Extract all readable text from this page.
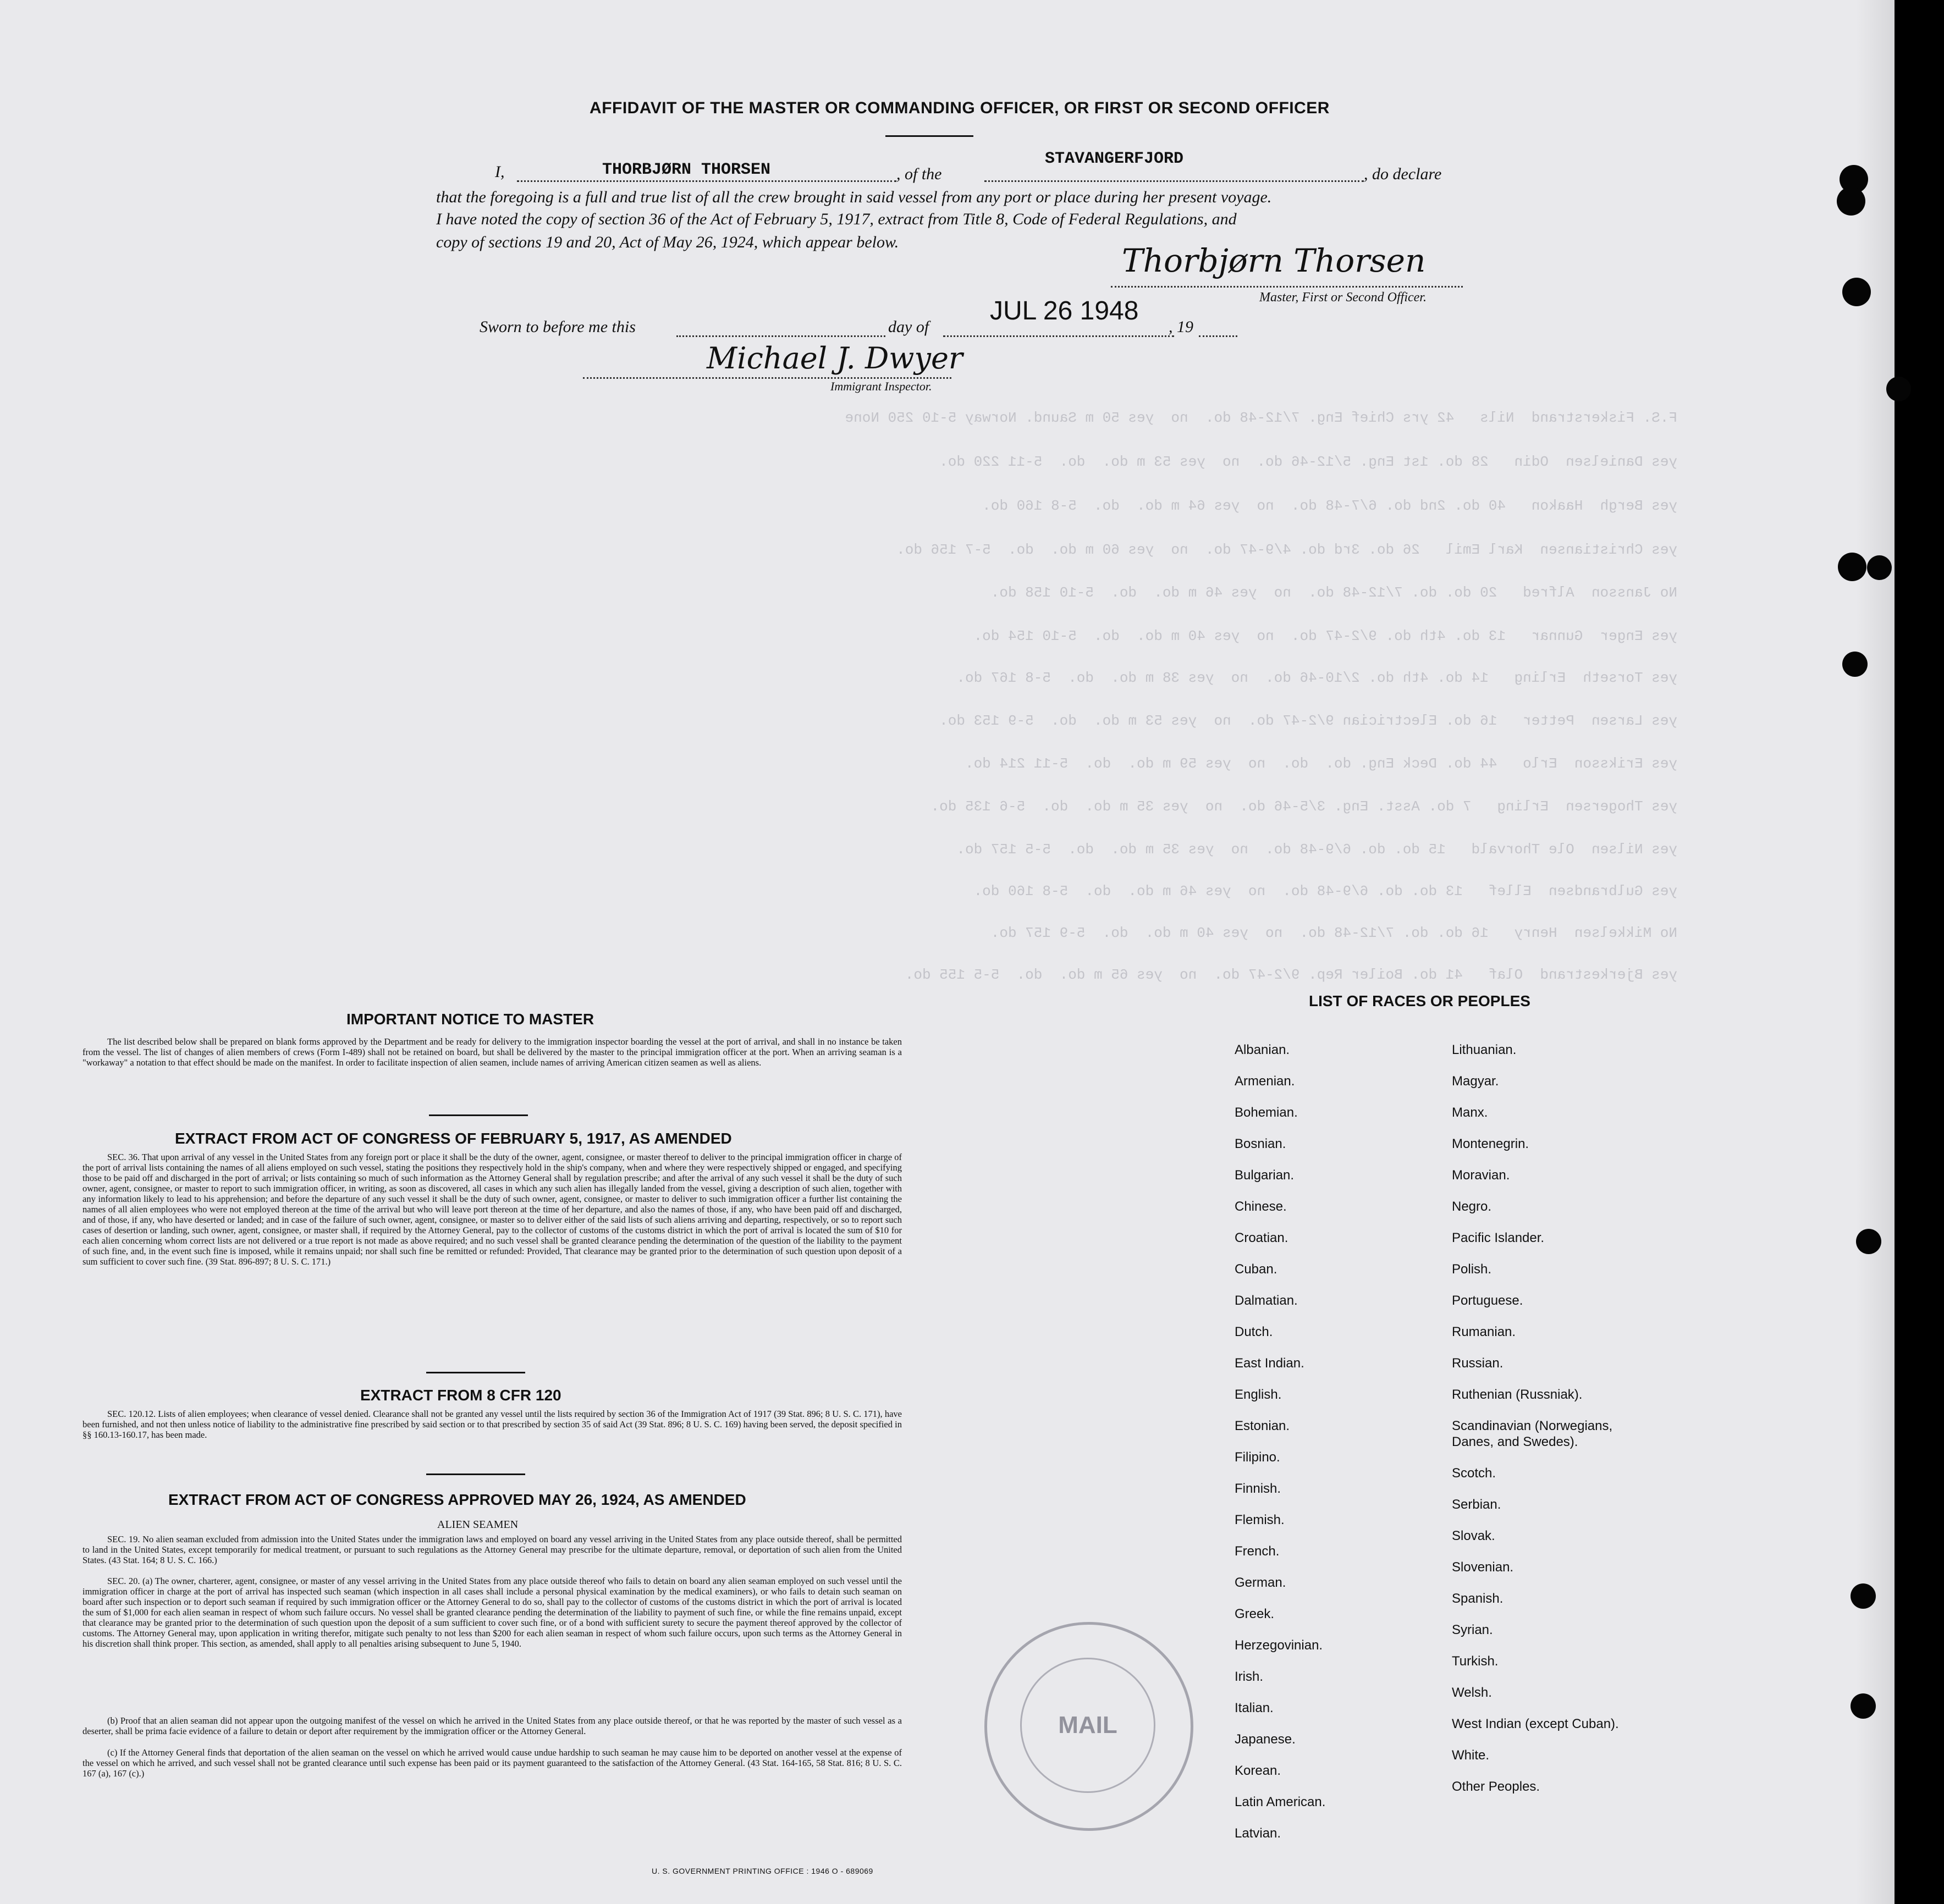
F.S. Fiskerstrand  Nils   42 yrs Chief Eng. 7/12-48 do.  no  yes 50 m Saund. Norway 5-10 250 None
yes Danielsen  Odin   28 do. 1st Eng. 5/12-46 do.  no  yes 53 m do.  do.  5-11 220 do.
yes Bergh  Haakon   40 do. 2nd do. 6/7-48 do.  no  yes 64 m do.  do.  5-8 160 do.
yes Christiansen  Karl Emil   26 do. 3rd do. 4/9-47 do.  no  yes 60 m do.  do.  5-7 156 do.
No Jansson  Alfred   20 do. do. 7/12-48 do.  no  yes 46 m do.  do.  5-10 158 do.
yes Enger  Gunnar   13 do. 4th do. 9/2-47 do.  no  yes 40 m do.  do.  5-10 154 do.
yes Torseth  Erling   14 do. 4th do. 2/10-46 do.  no  yes 38 m do.  do.  5-8 167 do.
yes Larsen  Petter   16 do. Electrician 9/2-47 do.  no  yes 53 m do.  do.  5-9 153 do.
yes Eriksson  Erlo   44 do. Deck Eng. do.  do.  no  yes 59 m do.  do.  5-11 214 do.
yes Thogersen  Erling   7 do. Asst. Eng. 3/5-46 do.  no  yes 35 m do.  do.  5-6 135 do.
yes Nilsen  Ole Thorvald   15 do. do. 6/9-48 do.  no  yes 35 m do.  do.  5-5 157 do.
yes Gulbrandsen  Ellef   13 do. do. 6/9-48 do.  no  yes 46 m do.  do.  5-8 160 do.
No Mikkelsen  Henry   16 do. do. 7/12-48 do.  no  yes 40 m do.  do.  5-9 157 do.
yes Bjerkestrand  Olaf   41 do. Boiler Rep. 9/2-47 do.  no  yes 65 m do.  do.  5-5 155 do.
AFFIDAVIT OF THE MASTER OR COMMANDING OFFICER, OR FIRST OR SECOND OFFICER
I,	THORBJØRN THORSEN	, of the
STAVANGERFJORD
, do declare
that the foregoing is a full and true list of all the crew brought in said vessel from any port or place during her present voyage.
I have noted the copy of section 36 of the Act of February 5, 1917, extract from Title 8, Code of Federal Regulations, and
copy of sections 19 and 20, Act of May 26, 1924, which appear below.	Thorbjørn Thorsen
Master, First or Second Officer.
Sworn to before me this	day of
JUL 26 1948
, 19
Michael J. Dwyer
Immigrant Inspector.
IMPORTANT NOTICE TO MASTER
The list described below shall be prepared on blank forms approved by the Department and be ready for delivery to the immigration inspector boarding the vessel at the port of arrival, and shall in no instance be taken from the vessel. The list of changes of alien members of crews (Form I-489) shall not be retained on board, but shall be delivered by the master to the principal immigration officer at the port. When an arriving seaman is a "workaway" a notation to that effect should be made on the manifest. In order to facilitate inspection of alien seamen, include names of arriving American citizen seamen as well as aliens.
EXTRACT FROM ACT OF CONGRESS OF FEBRUARY 5, 1917, AS AMENDED
SEC. 36. That upon arrival of any vessel in the United States from any foreign port or place it shall be the duty of the owner, agent, consignee, or master thereof to deliver to the principal immigration officer in charge of the port of arrival lists containing the names of all aliens employed on such vessel, stating the positions they respectively hold in the ship's company, when and where they were respectively shipped or engaged, and specifying those to be paid off and discharged in the port of arrival; or lists containing so much of such information as the Attorney General shall by regulation prescribe; and after the arrival of any such vessel it shall be the duty of such owner, agent, consignee, or master to report to such immigration officer, in writing, as soon as discovered, all cases in which any such alien has illegally landed from the vessel, giving a description of such alien, together with any information likely to lead to his apprehension; and before the departure of any such vessel it shall be the duty of such owner, agent, consignee, or master to deliver to such immigration officer a further list containing the names of all alien employees who were not employed thereon at the time of the arrival but who will leave port thereon at the time of her departure, and also the names of those, if any, who have been paid off and discharged, and of those, if any, who have deserted or landed; and in case of the failure of such owner, agent, consignee, or master so to deliver either of the said lists of such aliens arriving and departing, respectively, or so to report such cases of desertion or landing, such owner, agent, consignee, or master shall, if required by the Attorney General, pay to the collector of customs of the customs district in which the port of arrival is located the sum of $10 for each alien concerning whom correct lists are not delivered or a true report is not made as above required; and no such vessel shall be granted clearance pending the determination of the question of the liability to the payment of such fine, and, in the event such fine is imposed, while it remains unpaid; nor shall such fine be remitted or refunded: Provided, That clearance may be granted prior to the determination of such question upon deposit of a sum sufficient to cover such fine. (39 Stat. 896-897; 8 U. S. C. 171.)
EXTRACT FROM 8 CFR 120
SEC. 120.12. Lists of alien employees; when clearance of vessel denied. Clearance shall not be granted any vessel until the lists required by section 36 of the Immigration Act of 1917 (39 Stat. 896; 8 U. S. C. 171), have been furnished, and not then unless notice of liability to the administrative fine prescribed by said section or to that prescribed by section 35 of said Act (39 Stat. 896; 8 U. S. C. 169) having been served, the deposit specified in §§ 160.13-160.17, has been made.
EXTRACT FROM ACT OF CONGRESS APPROVED MAY 26, 1924, AS AMENDED
ALIEN SEAMEN
SEC. 19. No alien seaman excluded from admission into the United States under the immigration laws and employed on board any vessel arriving in the United States from any place outside thereof, shall be permitted to land in the United States, except temporarily for medical treatment, or pursuant to such regulations as the Attorney General may prescribe for the ultimate departure, removal, or deportation of such alien from the United States. (43 Stat. 164; 8 U. S. C. 166.)
SEC. 20. (a) The owner, charterer, agent, consignee, or master of any vessel arriving in the United States from any place outside thereof who fails to detain on board any alien seaman employed on such vessel until the immigration officer in charge at the port of arrival has inspected such seaman (which inspection in all cases shall include a personal physical examination by the medical examiners), or who fails to detain such seaman on board after such inspection or to deport such seaman if required by such immigration officer or the Attorney General to do so, shall pay to the collector of customs of the customs district in which the port of arrival is located the sum of $1,000 for each alien seaman in respect of whom such failure occurs. No vessel shall be granted clearance pending the determination of the liability to payment of such fine, or while the fine remains unpaid, except that clearance may be granted prior to the determination of such question upon the deposit of a sum sufficient to cover such fine, or of a bond with sufficient surety to secure the payment thereof approved by the collector of customs. The Attorney General may, upon application in writing therefor, mitigate such penalty to not less than $200 for each alien seaman in respect of whom such failure occurs, upon such terms as the Attorney General in his discretion shall think proper. This section, as amended, shall apply to all penalties arising subsequent to June 5, 1940.
(b) Proof that an alien seaman did not appear upon the outgoing manifest of the vessel on which he arrived in the United States from any place outside thereof, or that he was reported by the master of such vessel as a deserter, shall be prima facie evidence of a failure to detain or deport after requirement by the immigration officer or the Attorney General.
(c) If the Attorney General finds that deportation of the alien seaman on the vessel on which he arrived would cause undue hardship to such seaman he may cause him to be deported on another vessel at the expense of the vessel on which he arrived, and such vessel shall not be granted clearance until such expense has been paid or its payment guaranteed to the satisfaction of the Attorney General. (43 Stat. 164-165, 58 Stat. 816; 8 U. S. C. 167 (a), 167 (c).)
LIST OF RACES OR PEOPLES
Albanian.
Armenian.
Bohemian.
Bosnian.
Bulgarian.
Chinese.
Croatian.
Cuban.
Dalmatian.
Dutch.
East Indian.
English.
Estonian.
Filipino.
Finnish.
Flemish.
French.
German.
Greek.
Herzegovinian.
Irish.
Italian.
Japanese.
Korean.
Latin American.
Latvian.
Lithuanian.
Magyar.
Manx.
Montenegrin.
Moravian.
Negro.
Pacific Islander.
Polish.
Portuguese.
Rumanian.
Russian.
Ruthenian (Russniak).
Scandinavian (Norwegians,
Danes, and Swedes).
Scotch.
Serbian.
Slovak.
Slovenian.
Spanish.
Syrian.
Turkish.
Welsh.
West Indian (except Cuban).
White.
Other Peoples.
MAIL
U. S. GOVERNMENT PRINTING OFFICE : 1946 O - 689069
